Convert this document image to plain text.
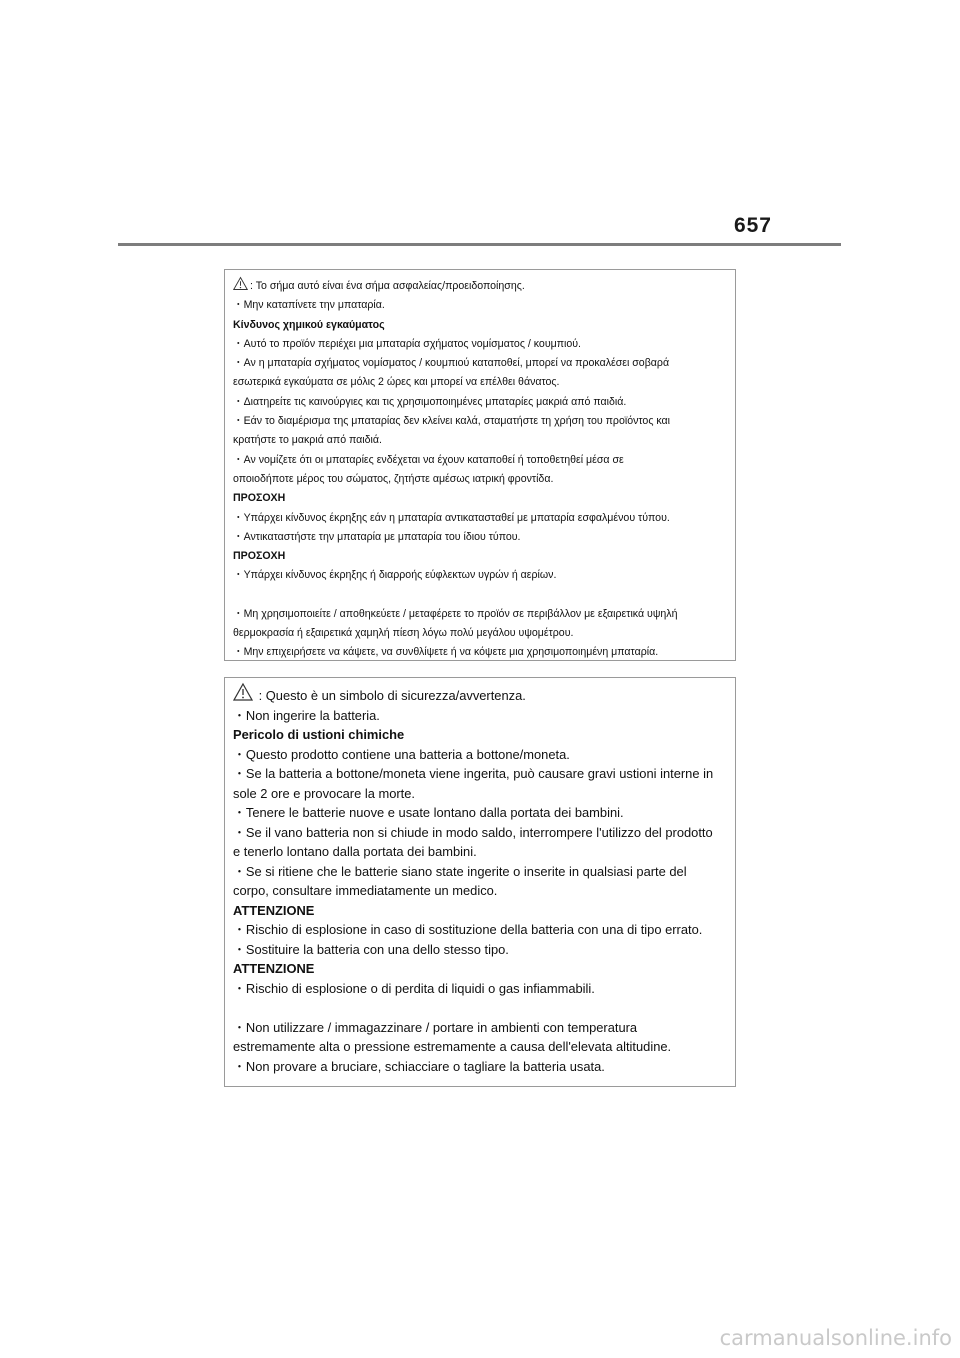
657
: Το σήμα αυτό είναι ένα σήμα ασφαλείας/προειδοποίησης.
・Μην καταπίνετε την μπαταρία.
Κίνδυνος χημικού εγκαύματος
・Αυτό το προϊόν περιέχει μια μπαταρία σχήματος νομίσματος / κουμπιού.
・Αν η μπαταρία σχήματος νομίσματος / κουμπιού καταποθεί, μπορεί να προκαλέσει σοβαρά
εσωτερικά εγκαύματα σε μόλις 2 ώρες και μπορεί να επέλθει θάνατος.
・Διατηρείτε τις καινούργιες και τις χρησιμοποιημένες μπαταρίες μακριά από παιδιά.
・Εάν το διαμέρισμα της μπαταρίας δεν κλείνει καλά, σταματήστε τη χρήση του προϊόντος και
κρατήστε το μακριά από παιδιά.
・Αν νομίζετε ότι οι μπαταρίες ενδέχεται να έχουν καταποθεί ή τοποθετηθεί μέσα σε
οποιοδήποτε μέρος του σώματος, ζητήστε αμέσως ιατρική φροντίδα.
ΠΡΟΣΟΧΗ
・Υπάρχει κίνδυνος έκρηξης εάν η μπαταρία αντικατασταθεί με μπαταρία εσφαλμένου τύπου.
・Αντικαταστήστε την μπαταρία με μπαταρία του ίδιου τύπου.
ΠΡΟΣΟΧΗ
・Υπάρχει κίνδυνος έκρηξης ή διαρροής εύφλεκτων υγρών ή αερίων.
・Μη χρησιμοποιείτε / αποθηκεύετε / μεταφέρετε το προϊόν σε περιβάλλον με εξαιρετικά υψηλή
θερμοκρασία ή εξαιρετικά χαμηλή πίεση λόγω πολύ μεγάλου υψομέτρου.
・Μην επιχειρήσετε να κάψετε, να συνθλίψετε ή να κόψετε μια χρησιμοποιημένη μπαταρία.
: Questo è un simbolo di sicurezza/avvertenza.
・Non ingerire la batteria.
Pericolo di ustioni chimiche
・Questo prodotto contiene una batteria a bottone/moneta.
・Se la batteria a bottone/moneta viene ingerita, può causare gravi ustioni interne in
sole 2 ore e provocare la morte.
・Tenere le batterie nuove e usate lontano dalla portata dei bambini.
・Se il vano batteria non si chiude in modo saldo, interrompere l'utilizzo del prodotto
e tenerlo lontano dalla portata dei bambini.
・Se si ritiene che le batterie siano state ingerite o inserite in qualsiasi parte del
corpo, consultare immediatamente un medico.
ATTENZIONE
・Rischio di esplosione in caso di sostituzione della batteria con una di tipo errato.
・Sostituire la batteria con una dello stesso tipo.
ATTENZIONE
・Rischio di esplosione o di perdita di liquidi o gas infiammabili.
・Non utilizzare / immagazzinare / portare in ambienti con temperatura
estremamente alta o pressione estremamente a causa dell'elevata altitudine.
・Non provare a bruciare, schiacciare o tagliare la batteria usata.
carmanualsonline.info
